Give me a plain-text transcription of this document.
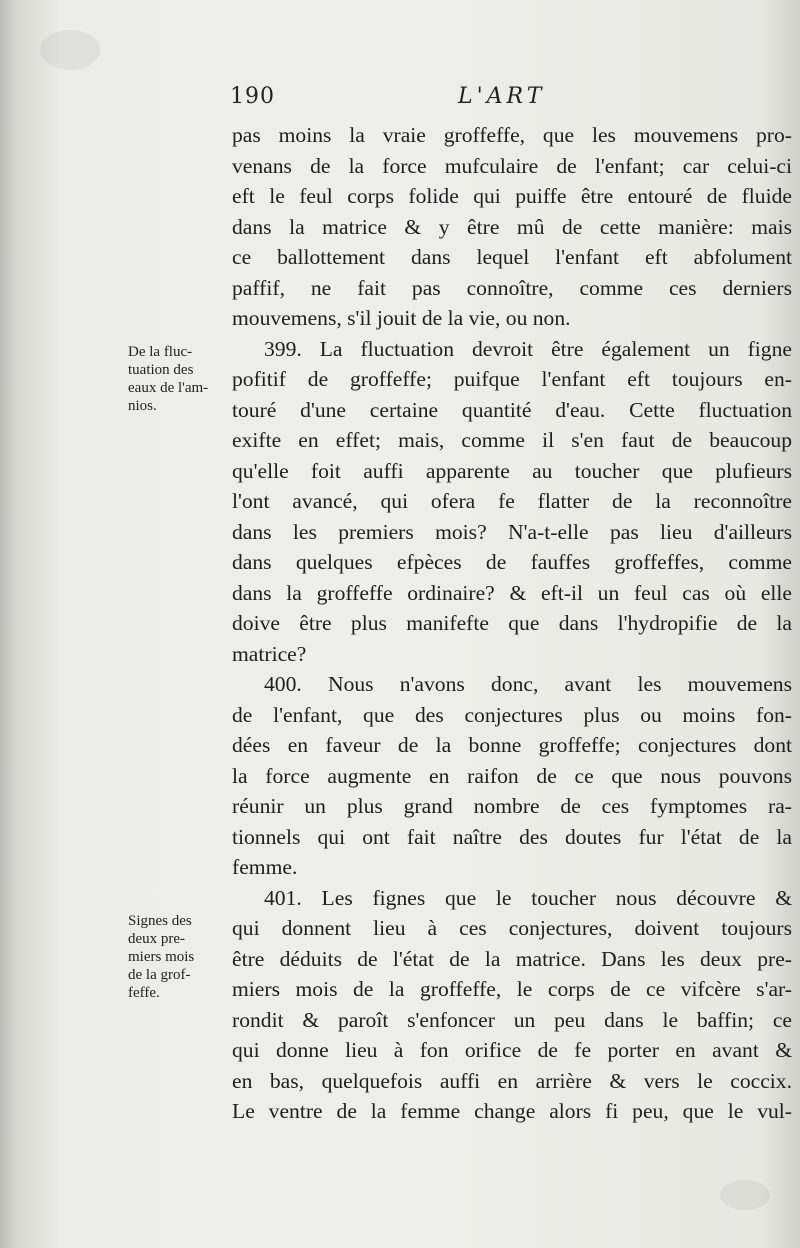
190	L'ART
De la fluc-
tuation des
eaux de l'am-
nios.
Signes des
deux pre-
miers mois
de la grof-
feffe.
pas moins la vraie groffeffe, que les mouvemens pro-
venans de la force mufculaire de l'enfant; car celui-ci
eft le feul corps folide qui puiffe être entouré de fluide
dans la matrice & y être mû de cette manière: mais
ce ballottement dans lequel l'enfant eft abfolument
paffif, ne fait pas connoître, comme ces derniers
mouvemens, s'il jouit de la vie, ou non.
399. La fluctuation devroit être également un figne
pofitif de groffeffe; puifque l'enfant eft toujours en-
touré d'une certaine quantité d'eau. Cette fluctuation
exifte en effet; mais, comme il s'en faut de beaucoup
qu'elle foit auffi apparente au toucher que plufieurs
l'ont avancé, qui ofera fe flatter de la reconnoître
dans les premiers mois? N'a-t-elle pas lieu d'ailleurs
dans quelques efpèces de fauffes groffeffes, comme
dans la groffeffe ordinaire? & eft-il un feul cas où elle
doive être plus manifefte que dans l'hydropifie de la
matrice?
400. Nous n'avons donc, avant les mouvemens
de l'enfant, que des conjectures plus ou moins fon-
dées en faveur de la bonne groffeffe; conjectures dont
la force augmente en raifon de ce que nous pouvons
réunir un plus grand nombre de ces fymptomes ra-
tionnels qui ont fait naître des doutes fur l'état de la
femme.
401. Les fignes que le toucher nous découvre &
qui donnent lieu à ces conjectures, doivent toujours
être déduits de l'état de la matrice. Dans les deux pre-
miers mois de la groffeffe, le corps de ce vifcère s'ar-
rondit & paroît s'enfoncer un peu dans le baffin; ce
qui donne lieu à fon orifice de fe porter en avant &
en bas, quelquefois auffi en arrière & vers le coccix.
Le ventre de la femme change alors fi peu, que le vul-
